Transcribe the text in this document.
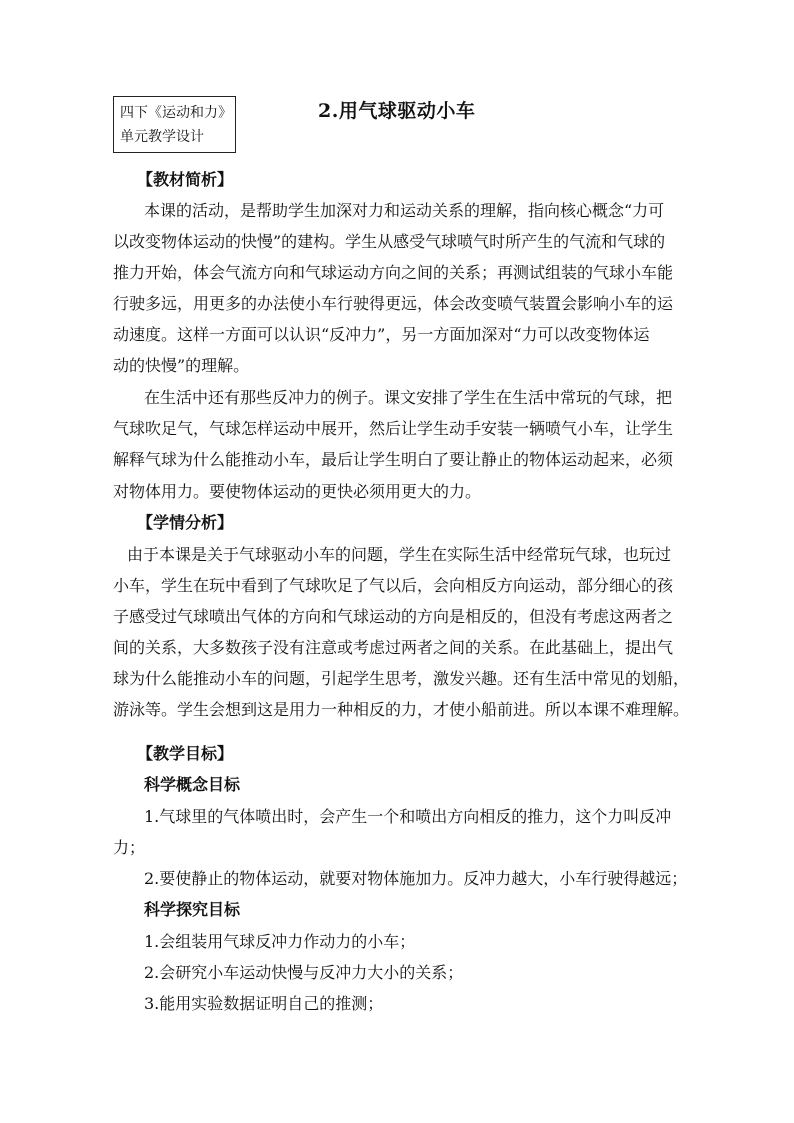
四下《运动和力》
单元教学设计
2.用气球驱动小车
【教材简析】
本课的活动，是帮助学生加深对力和运动关系的理解，指向核心概念“力可
以改变物体运动的快慢”的建构。学生从感受气球喷气时所产生的气流和气球的
推力开始，体会气流方向和气球运动方向之间的关系；再测试组装的气球小车能
行驶多远，用更多的办法使小车行驶得更远，体会改变喷气装置会影响小车的运
动速度。这样一方面可以认识“反冲力”，另一方面加深对“力可以改变物体运
动的快慢”的理解。
在生活中还有那些反冲力的例子。课文安排了学生在生活中常玩的气球，把
气球吹足气，气球怎样运动中展开，然后让学生动手安装一辆喷气小车，让学生
解释气球为什么能推动小车，最后让学生明白了要让静止的物体运动起来，必须
对物体用力。要使物体运动的更快必须用更大的力。
【学情分析】
由于本课是关于气球驱动小车的问题，学生在实际生活中经常玩气球，也玩过
小车，学生在玩中看到了气球吹足了气以后，会向相反方向运动，部分细心的孩
子感受过气球喷出气体的方向和气球运动的方向是相反的，但没有考虑这两者之
间的关系，大多数孩子没有注意或考虑过两者之间的关系。在此基础上，提出气
球为什么能推动小车的问题，引起学生思考，激发兴趣。还有生活中常见的划船，
游泳等。学生会想到这是用力一种相反的力，才使小船前进。所以本课不难理解。
【教学目标】
科学概念目标
1.气球里的气体喷出时，会产生一个和喷出方向相反的推力，这个力叫反冲
力；
2.要使静止的物体运动，就要对物体施加力。反冲力越大，小车行驶得越远；
科学探究目标
1.会组装用气球反冲力作动力的小车；
2.会研究小车运动快慢与反冲力大小的关系；
3.能用实验数据证明自己的推测；
